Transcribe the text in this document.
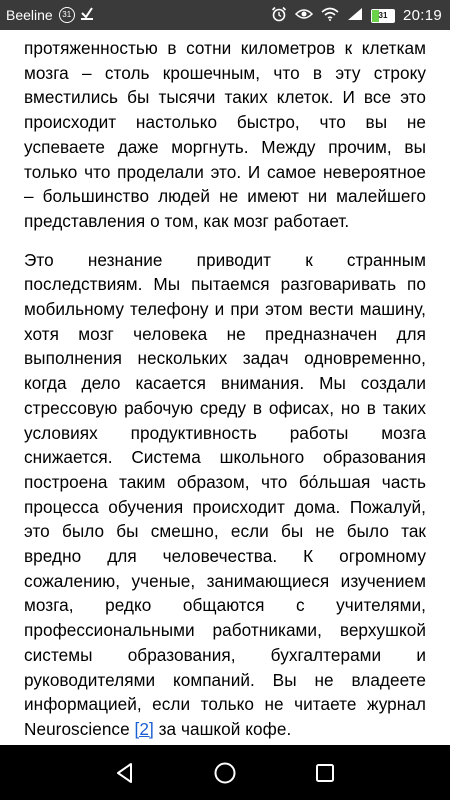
Beeline	31	31	20:19

протяженностью в сотни километров к клеткам мозга – столь крошечным, что в эту строку вместились бы тысячи таких клеток. И все это происходит настолько быстро, что вы не успеваете даже моргнуть. Между прочим, вы только что проделали это. И самое невероятное – большинство людей не имеют ни малейшего представления о том, как мозг работает.

Это незнание приводит к странным последствиям. Мы пытаемся разговаривать по мобильному телефону и при этом вести машину, хотя мозг человека не предназначен для выполнения нескольких задач одновременно, когда дело касается внимания. Мы создали стрессовую рабочую среду в офисах, но в таких условиях продуктивность работы мозга снижается. Система школьного образования построена таким образом, что бо́льшая часть процесса обучения происходит дома. Пожалуй, это было бы смешно, если бы не было так вредно для человечества. К огромному сожалению, ученые, занимающиеся изучением мозга, редко общаются с учителями, профессиональными работниками, верхушкой системы образования, бухгалтерами и руководителями компаний. Вы не владеете информацией, если только не читаете журнал Neuroscience [2] за чашкой кофе.
